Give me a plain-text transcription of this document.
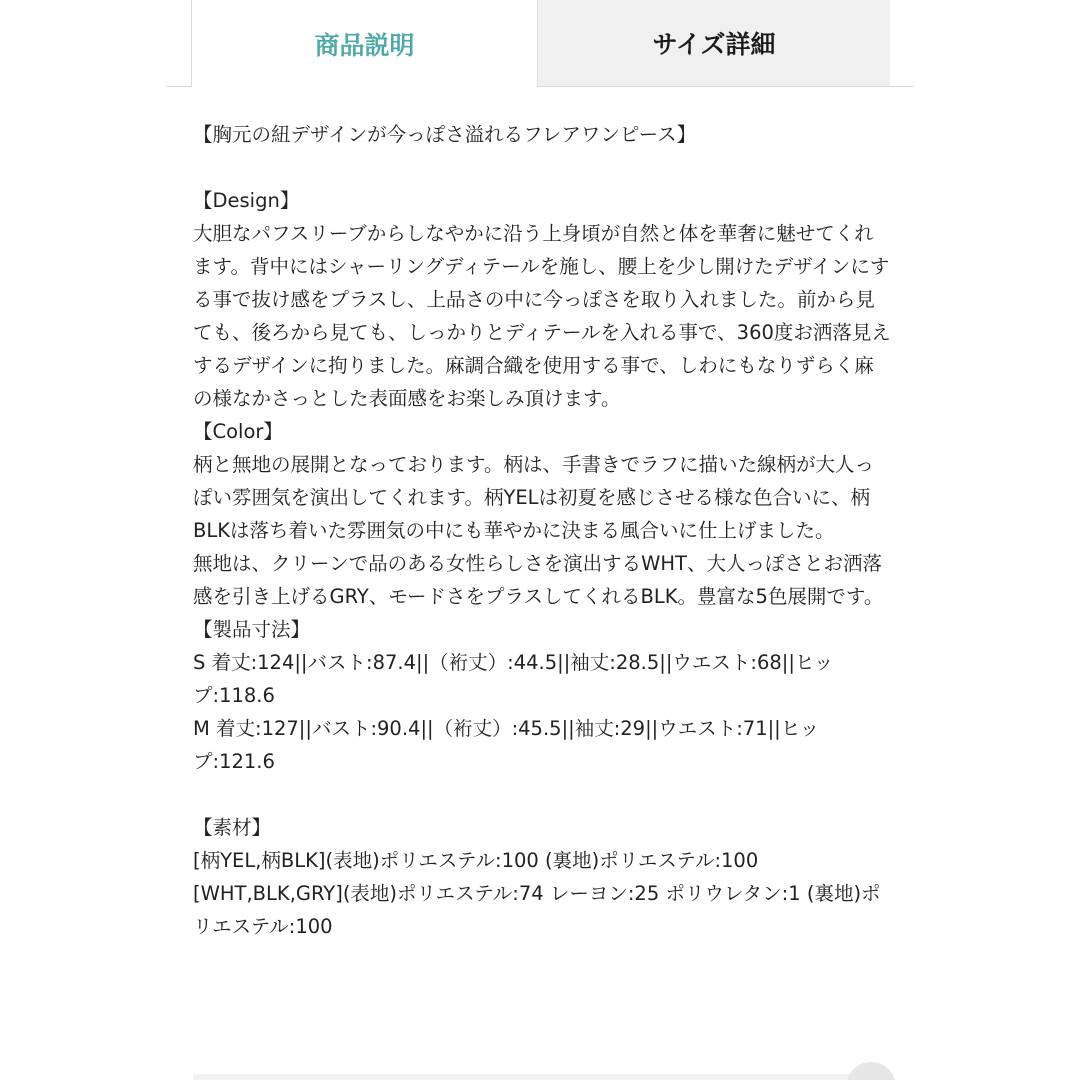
商品説明	サイズ詳細

【胸元の紐デザインが今っぽさ溢れるフレアワンピース】

【Design】

大胆なパフスリーブからしなやかに沿う上身頃が自然と体を華奢に魅せてくれます。背中にはシャーリングディテールを施し、腰上を少し開けたデザインにする事で抜け感をプラスし、上品さの中に今っぽさを取り入れました。前から見ても、後ろから見ても、しっかりとディテールを入れる事で、360度お洒落見えするデザインに拘りました。麻調合織を使用する事で、しわにもなりずらく麻の様なかさっとした表面感をお楽しみ頂けます。

【Color】

柄と無地の展開となっております。柄は、手書きでラフに描いた線柄が大人っぽい雰囲気を演出してくれます。柄YELは初夏を感じさせる様な色合いに、柄BLKは落ち着いた雰囲気の中にも華やかに決まる風合いに仕上げました。

無地は、クリーンで品のある女性らしさを演出するWHT、大人っぽさとお洒落感を引き上げるGRY、モードさをプラスしてくれるBLK。豊富な5色展開です。

【製品寸法】

S 着丈:124||バスト:87.4||（裄丈）:44.5||袖丈:28.5||ウエスト:68||ヒップ:118.6

M 着丈:127||バスト:90.4||（裄丈）:45.5||袖丈:29||ウエスト:71||ヒップ:121.6

【素材】

[柄YEL,柄BLK](表地)ポリエステル:100 (裏地)ポリエステル:100

[WHT,BLK,GRY](表地)ポリエステル:74 レーヨン:25 ポリウレタン:1 (裏地)ポリエステル:100
